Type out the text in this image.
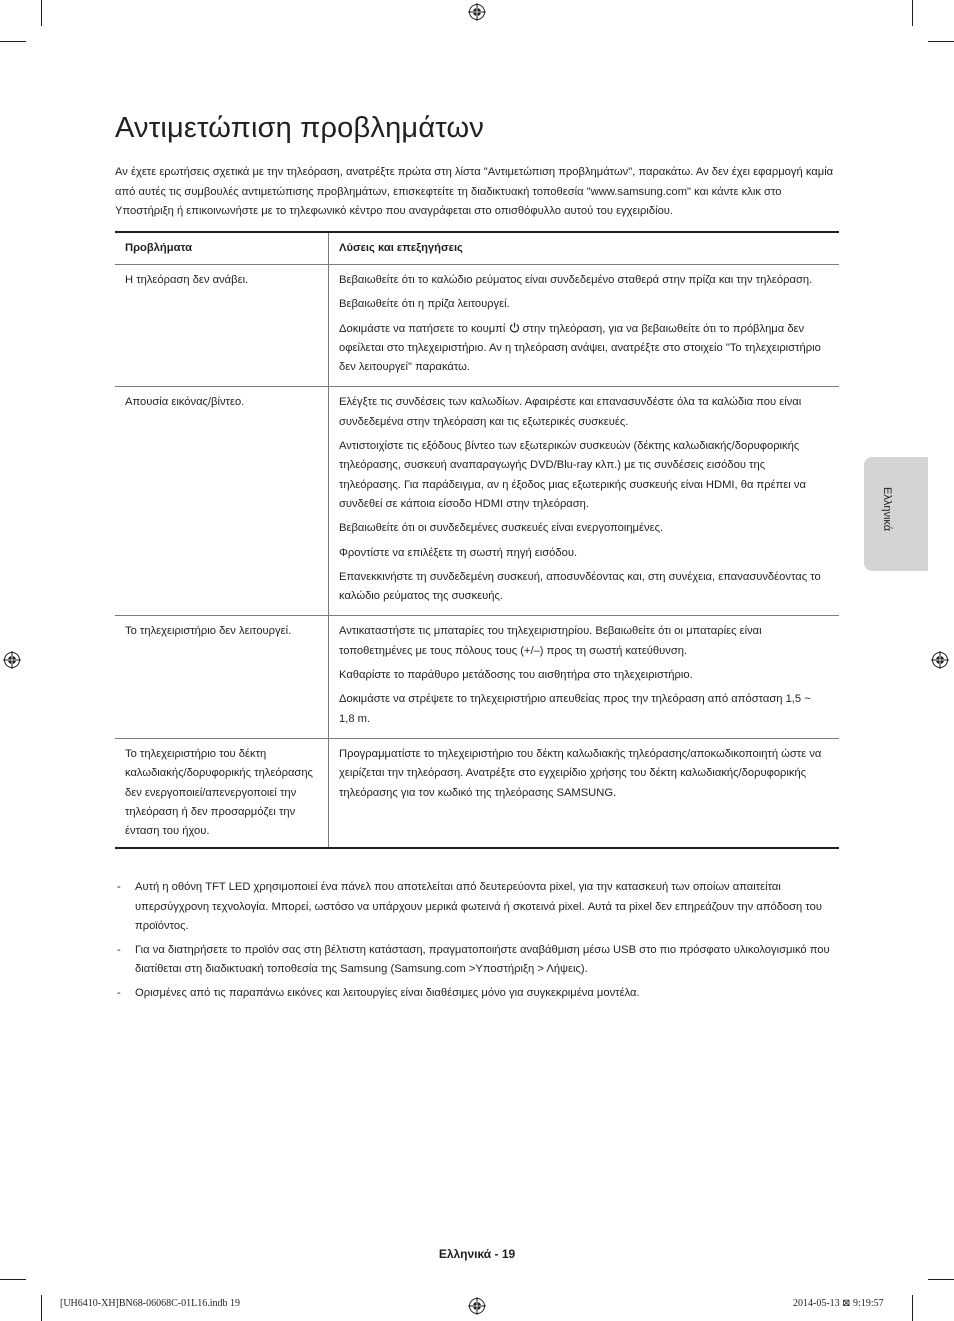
Αντιμετώπιση προβλημάτων

Αν έχετε ερωτήσεις σχετικά με την τηλεόραση, ανατρέξτε πρώτα στη λίστα "Αντιμετώπιση προβλημάτων", παρακάτω. Αν δεν έχει εφαρμογή καμία από αυτές τις συμβουλές αντιμετώπισης προβλημάτων, επισκεφτείτε τη διαδικτυακή τοποθεσία "www.samsung.com" και κάντε κλικ στο Υποστήριξη ή επικοινωνήστε με το τηλεφωνικό κέντρο που αναγράφεται στο οπισθόφυλλο αυτού του εγχειριδίου.

Προβλήματα	Λύσεις και επεξηγήσεις
Η τηλεόραση δεν ανάβει.	Βεβαιωθείτε ότι το καλώδιο ρεύματος είναι συνδεδεμένο σταθερά στην πρίζα και την τηλεόραση.

Βεβαιωθείτε ότι η πρίζα λειτουργεί.

Δοκιμάστε να πατήσετε το κουμπί στην τηλεόραση, για να βεβαιωθείτε ότι το πρόβλημα δεν οφείλεται στο τηλεχειριστήριο. Αν η τηλεόραση ανάψει, ανατρέξτε στο στοιχείο "Το τηλεχειριστήριο δεν λειτουργεί" παρακάτω.

Απουσία εικόνας/βίντεο.	Ελέγξτε τις συνδέσεις των καλωδίων. Αφαιρέστε και επανασυνδέστε όλα τα καλώδια που είναι συνδεδεμένα στην τηλεόραση και τις εξωτερικές συσκευές.

Αντιστοιχίστε τις εξόδους βίντεο των εξωτερικών συσκευών (δέκτης καλωδιακής/δορυφορικής τηλεόρασης, συσκευή αναπαραγωγής DVD/Blu-ray κλπ.) με τις συνδέσεις εισόδου της τηλεόρασης. Για παράδειγμα, αν η έξοδος μιας εξωτερικής συσκευής είναι HDMI, θα πρέπει να συνδεθεί σε κάποια είσοδο HDMI στην τηλεόραση.

Βεβαιωθείτε ότι οι συνδεδεμένες συσκευές είναι ενεργοποιημένες.

Φροντίστε να επιλέξετε τη σωστή πηγή εισόδου.

Επανεκκινήστε τη συνδεδεμένη συσκευή, αποσυνδέοντας και, στη συνέχεια, επανασυνδέοντας το καλώδιο ρεύματος της συσκευής.

Το τηλεχειριστήριο δεν λειτουργεί.	Αντικαταστήστε τις μπαταρίες του τηλεχειριστηρίου. Βεβαιωθείτε ότι οι μπαταρίες είναι τοποθετημένες με τους πόλους τους (+/–) προς τη σωστή κατεύθυνση.

Καθαρίστε το παράθυρο μετάδοσης του αισθητήρα στο τηλεχειριστήριο.

Δοκιμάστε να στρέψετε το τηλεχειριστήριο απευθείας προς την τηλεόραση από απόσταση 1,5 ~ 1,8 m.

Το τηλεχειριστήριο του δέκτη καλωδιακής/δορυφορικής τηλεόρασης δεν ενεργοποιεί/απενεργοποιεί την τηλεόραση ή δεν προσαρμόζει την ένταση του ήχου.	Προγραμματίστε το τηλεχειριστήριο του δέκτη καλωδιακής τηλεόρασης/αποκωδικοποιητή ώστε να χειρίζεται την τηλεόραση. Ανατρέξτε στο εγχειρίδιο χρήσης του δέκτη καλωδιακής/δορυφορικής τηλεόρασης για τον κωδικό της τηλεόρασης SAMSUNG.

- Αυτή η οθόνη TFT LED χρησιμοποιεί ένα πάνελ που αποτελείται από δευτερεύοντα pixel, για την κατασκευή των οποίων απαιτείται υπερσύγχρονη τεχνολογία. Μπορεί, ωστόσο να υπάρχουν μερικά φωτεινά ή σκοτεινά pixel. Αυτά τα pixel δεν επηρεάζουν την απόδοση του προϊόντος.
- Για να διατηρήσετε το προϊόν σας στη βέλτιστη κατάσταση, πραγματοποιήστε αναβάθμιση μέσω USB στο πιο πρόσφατο υλικολογισμικό που διατίθεται στη διαδικτυακή τοποθεσία της Samsung (Samsung.com >Υποστήριξη > Λήψεις).
- Ορισμένες από τις παραπάνω εικόνες και λειτουργίες είναι διαθέσιμες μόνο για συγκεκριμένα μοντέλα.
Ελληνικά
Ελληνικά - 19
[UH6410-XH]BN68-06068C-01L16.indb 19	2014-05-13 ⊠ 9:19:57
